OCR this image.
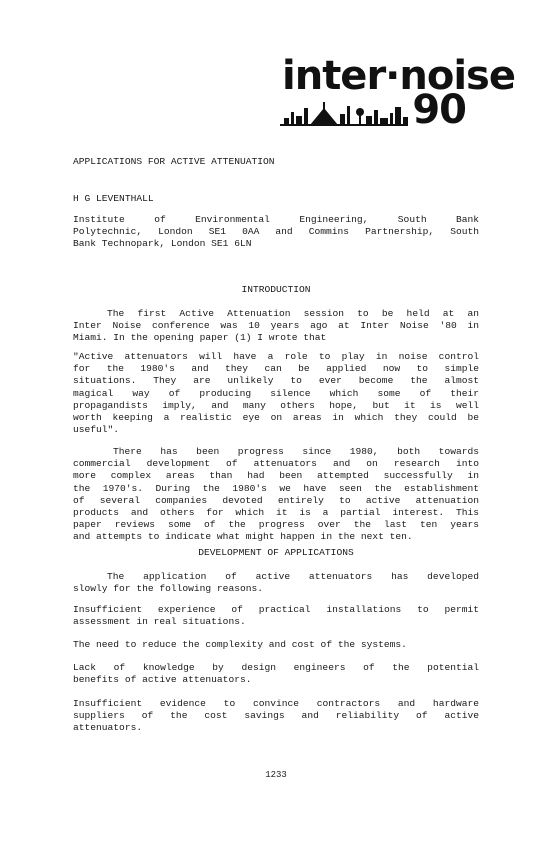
inter·noise
90

APPLICATIONS FOR ACTIVE ATTENUATION

H G LEVENTHALL

Institute of Environmental Engineering, South Bank

Polytechnic, London SE1 0AA and Commins Partnership, South

Bank Technopark, London SE1 6LN

INTRODUCTION

The first Active Attenuation session to be held at an

Inter Noise conference was 10 years ago at Inter Noise '80 in

Miami. In the opening paper (1) I wrote that

"Active attenuators will have a role to play in noise control

for the 1980's and they can be applied now to simple

situations. They are unlikely to ever become the almost

magical way of producing silence which some of their

propagandists imply, and many others hope, but it is well

worth keeping a realistic eye on areas in which they could be

useful".

There has been progress since 1980, both towards

commercial development of attenuators and on research into

more complex areas than had been attempted successfully in

the 1970's. During the 1980's we have seen the establishment

of several companies devoted entirely to active attenuation

products and others for which it is a partial interest. This

paper reviews some of the progress over the last ten years

and attempts to indicate what might happen in the next ten.

DEVELOPMENT OF APPLICATIONS

The application of active attenuators has developed

slowly for the following reasons.

Insufficient experience of practical installations to permit

assessment in real situations.

The need to reduce the complexity and cost of the systems.

Lack of knowledge by design engineers of the potential

benefits of active attenuators.

Insufficient evidence to convince contractors and hardware

suppliers of the cost savings and reliability of active

attenuators.

1233
